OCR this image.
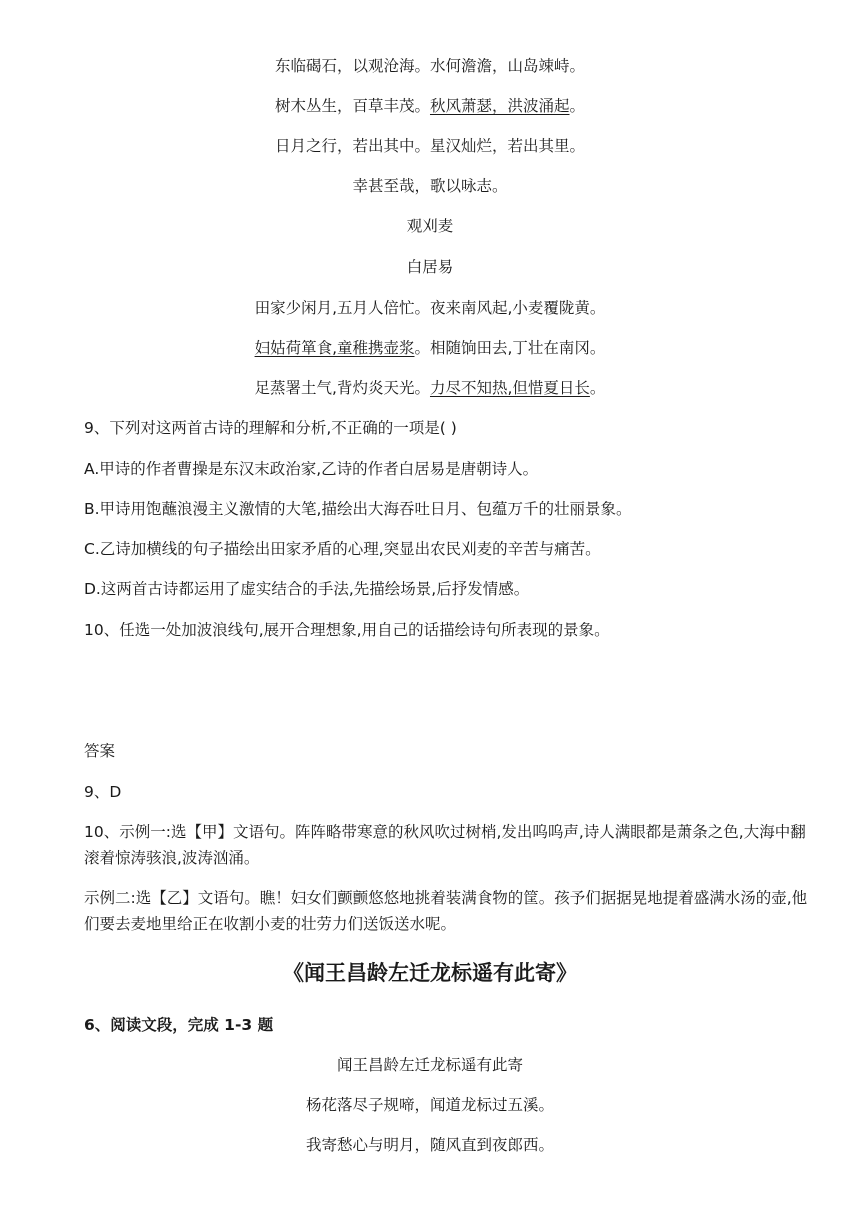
东临碣石，以观沧海。水何澹澹，山岛竦峙。
树木丛生，百草丰茂。秋风萧瑟，洪波涌起。
日月之行，若出其中。星汉灿烂，若出其里。
幸甚至哉，歌以咏志。
观刈麦
白居易
田家少闲月,五月人倍忙。夜来南风起,小麦覆陇黄。
妇姑荷箪食,童稚携壶浆。相随饷田去,丁壮在南冈。
足蒸署土气,背灼炎天光。力尽不知热,但惜夏日长。
9、下列对这两首古诗的理解和分析,不正确的一项是( )
A.甲诗的作者曹操是东汉末政治家,乙诗的作者白居易是唐朝诗人。
B.甲诗用饱蘸浪漫主义激情的大笔,描绘出大海吞吐日月、包蕴万千的壮丽景象。
C.乙诗加横线的句子描绘出田家矛盾的心理,突显出农民刈麦的辛苦与痛苦。
D.这两首古诗都运用了虚实结合的手法,先描绘场景,后抒发情感。
10、任选一处加波浪线句,展开合理想象,用自己的话描绘诗句所表现的景象。
答案
9、D
10、示例一:选【甲】文语句。阵阵略带寒意的秋风吹过树梢,发出呜呜声,诗人满眼都是萧条之色,大海中翻滚着惊涛骇浪,波涛汹涌。
示例二:选【乙】文语句。瞧！妇女们颤颤悠悠地挑着装满食物的筐。孩予们据据晃地提着盛满水汤的壶,他们要去麦地里给正在收割小麦的壮劳力们送饭送水呢。
《闻王昌龄左迁龙标遥有此寄》
6、阅读文段，完成 1-3 题
闻王昌龄左迁龙标遥有此寄
杨花落尽子规啼，闻道龙标过五溪。
我寄愁心与明月，随风直到夜郎西。
